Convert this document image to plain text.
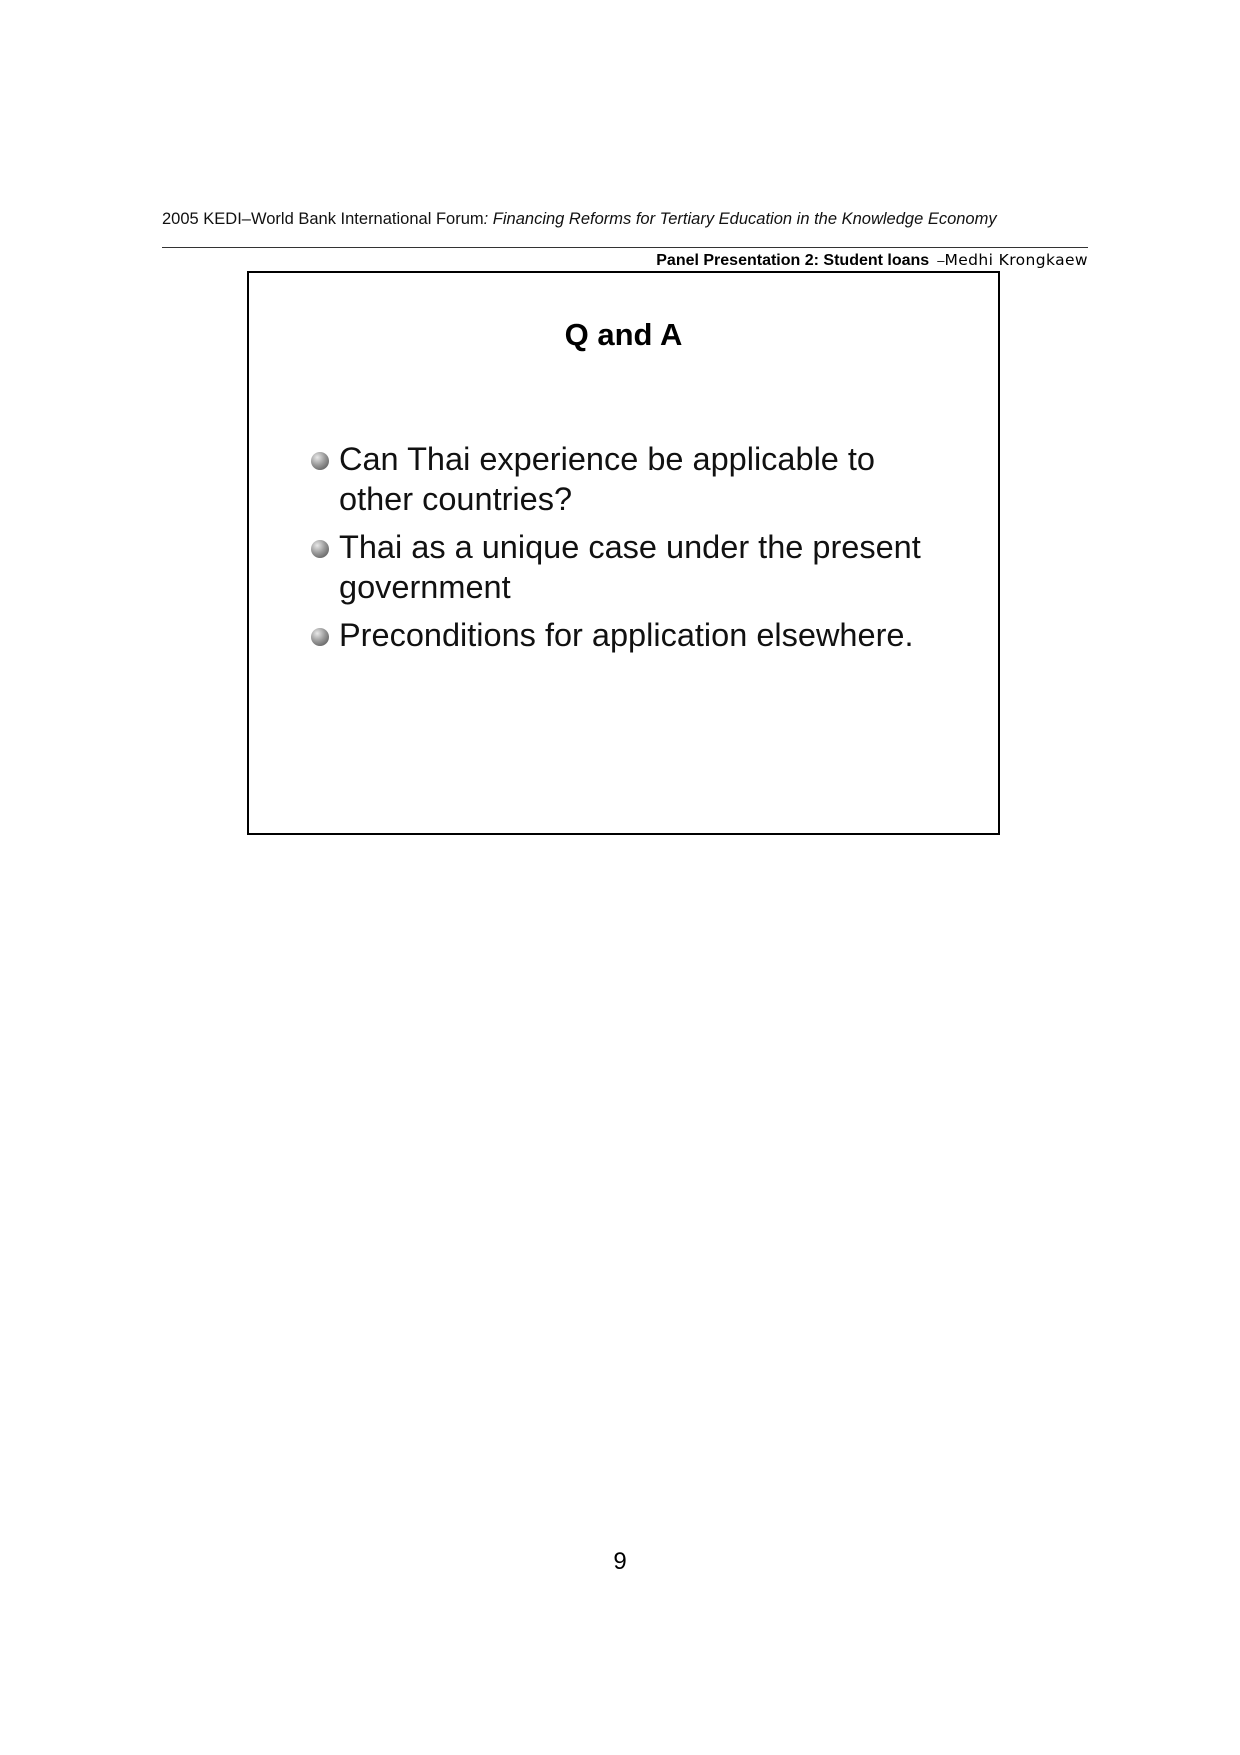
2005 KEDI–World Bank International Forum: Financing Reforms for Tertiary Education in the Knowledge Economy
Panel Presentation 2: Student loans –Medhi Krongkaew
Q and A
Can Thai experience be applicable to other countries?
Thai as a unique case under the present government
Preconditions for application elsewhere.
9
